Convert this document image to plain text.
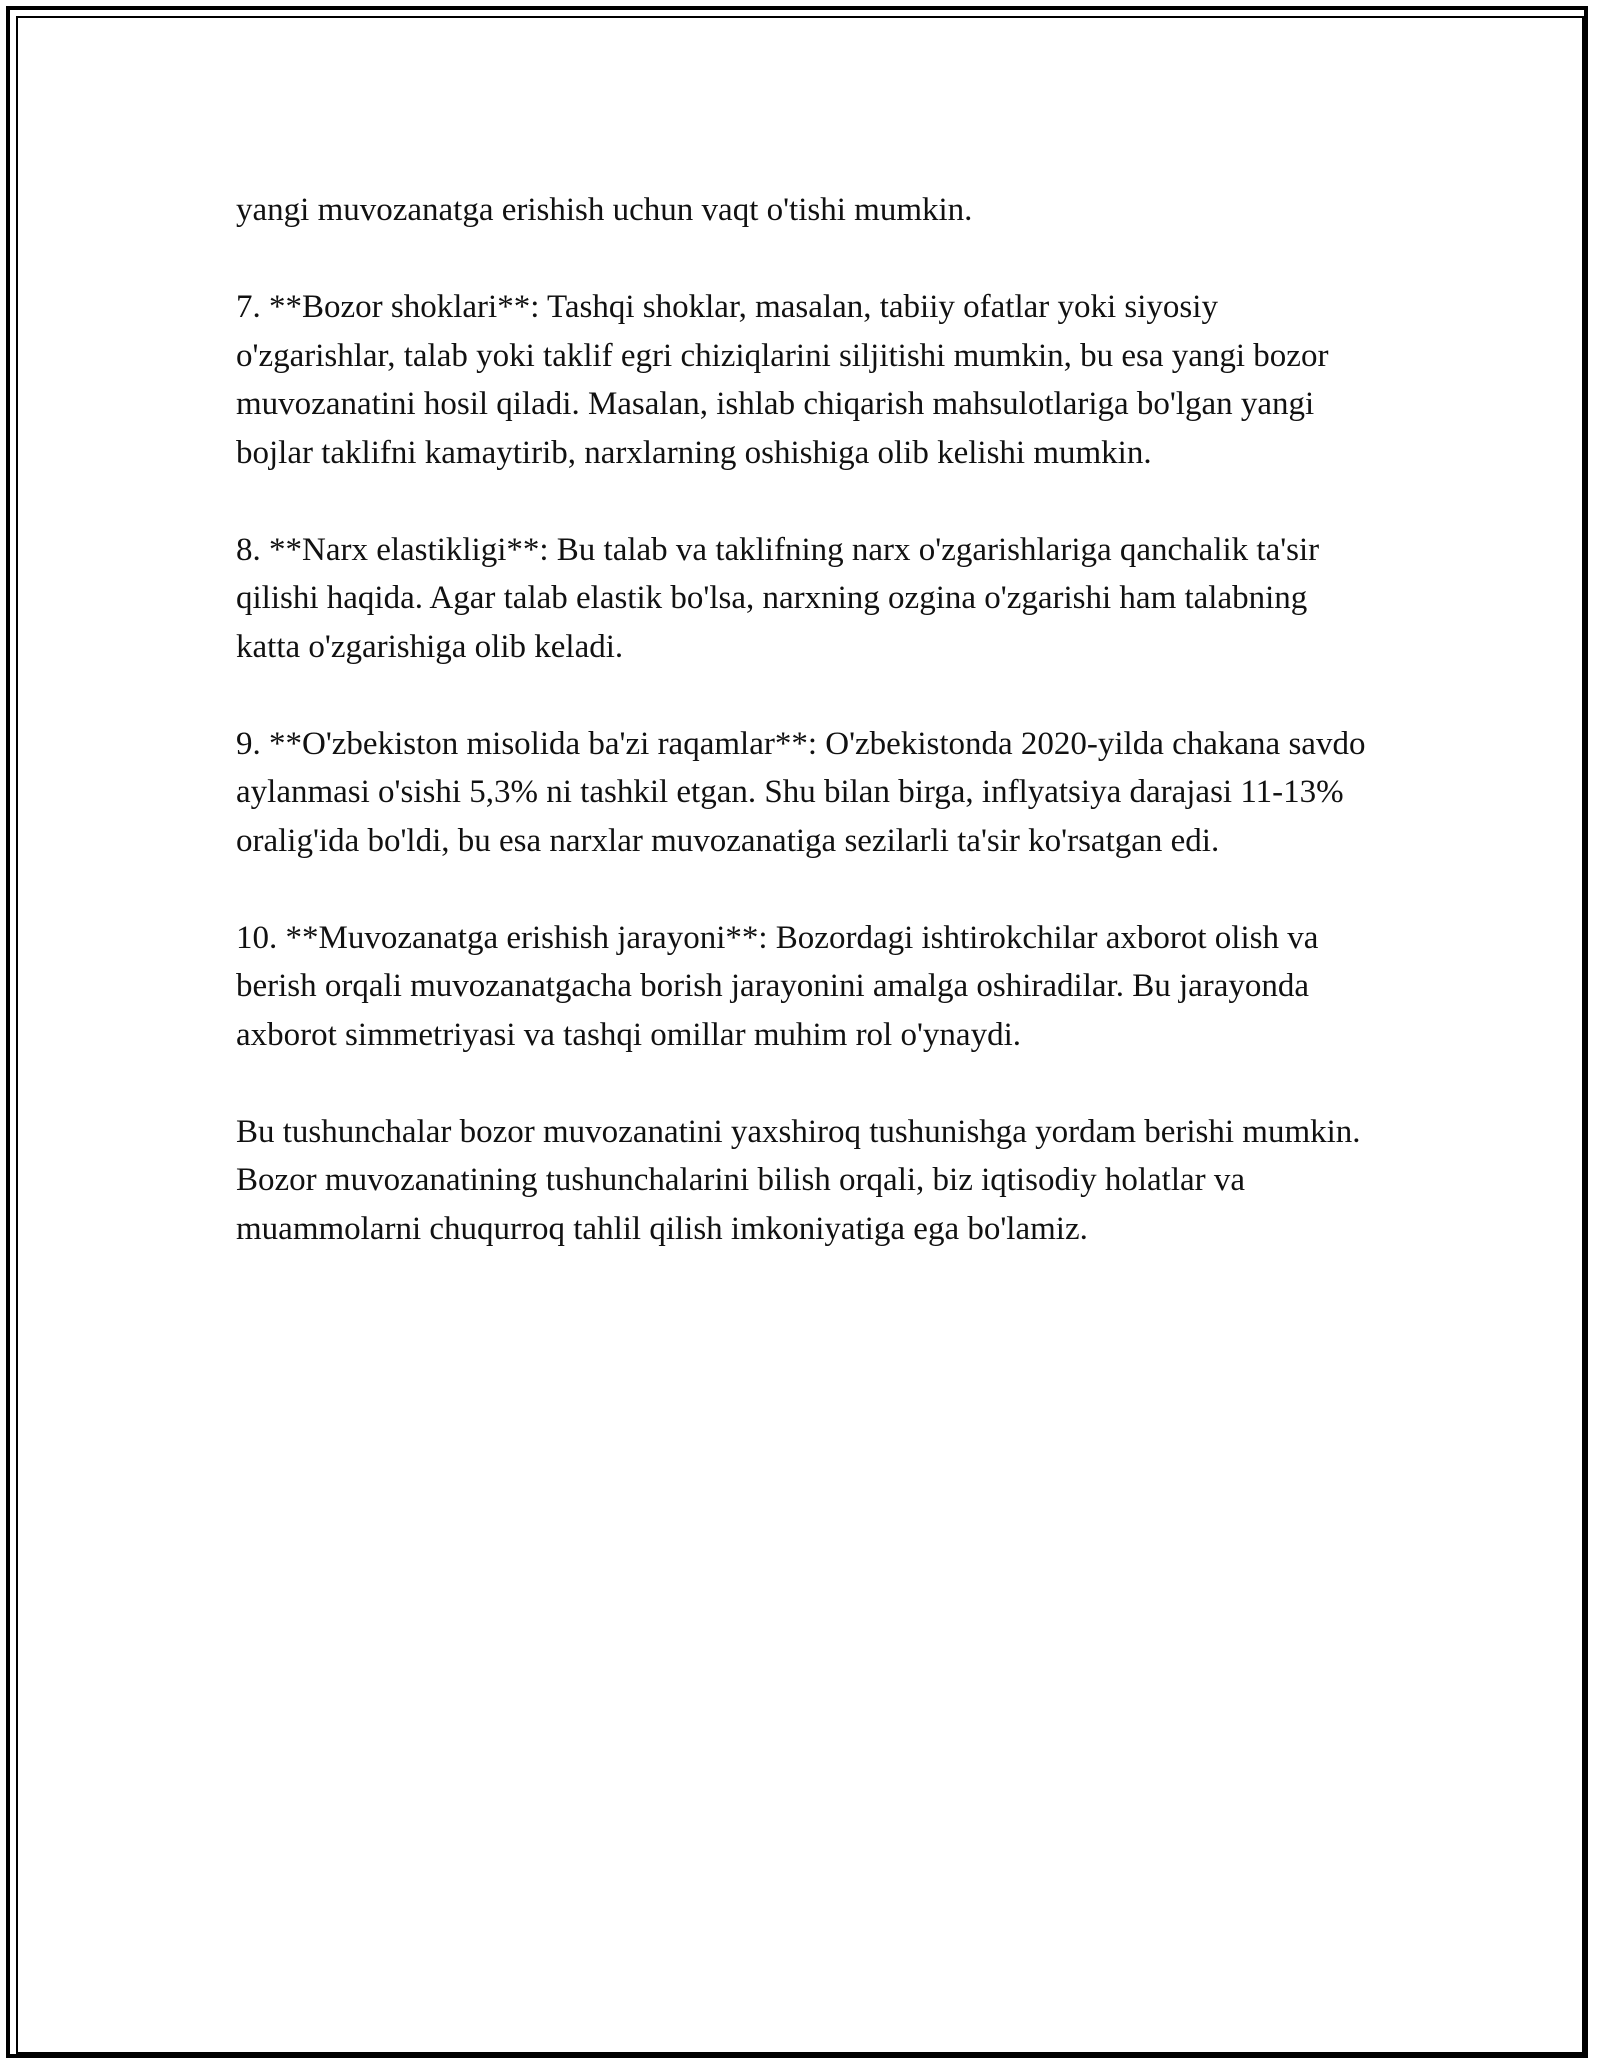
yangi muvozanatga erishish uchun vaqt o'tishi mumkin.

7. **Bozor shoklari**: Tashqi shoklar, masalan, tabiiy ofatlar yoki siyosiy o'zgarishlar, talab yoki taklif egri chiziqlarini siljitishi mumkin, bu esa yangi bozor muvozanatini hosil qiladi. Masalan, ishlab chiqarish mahsulotlariga bo'lgan yangi bojlar taklifni kamaytirib, narxlarning oshishiga olib kelishi mumkin.

8. **Narx elastikligi**: Bu talab va taklifning narx o'zgarishlariga qanchalik ta'sir qilishi haqida. Agar talab elastik bo'lsa, narxning ozgina o'zgarishi ham talabning katta o'zgarishiga olib keladi.

9. **O'zbekiston misolida ba'zi raqamlar**: O'zbekistonda 2020-yilda chakana savdo aylanmasi o'sishi 5,3% ni tashkil etgan. Shu bilan birga, inflyatsiya darajasi 11-13% oralig'ida bo'ldi, bu esa narxlar muvozanatiga sezilarli ta'sir ko'rsatgan edi.

10. **Muvozanatga erishish jarayoni**: Bozordagi ishtirokchilar axborot olish va berish orqali muvozanatgacha borish jarayonini amalga oshiradilar. Bu jarayonda axborot simmetriyasi va tashqi omillar muhim rol o'ynaydi.

Bu tushunchalar bozor muvozanatini yaxshiroq tushunishga yordam berishi mumkin. Bozor muvozanatining tushunchalarini bilish orqali, biz iqtisodiy holatlar va muammolarni chuqurroq tahlil qilish imkoniyatiga ega bo'lamiz.
